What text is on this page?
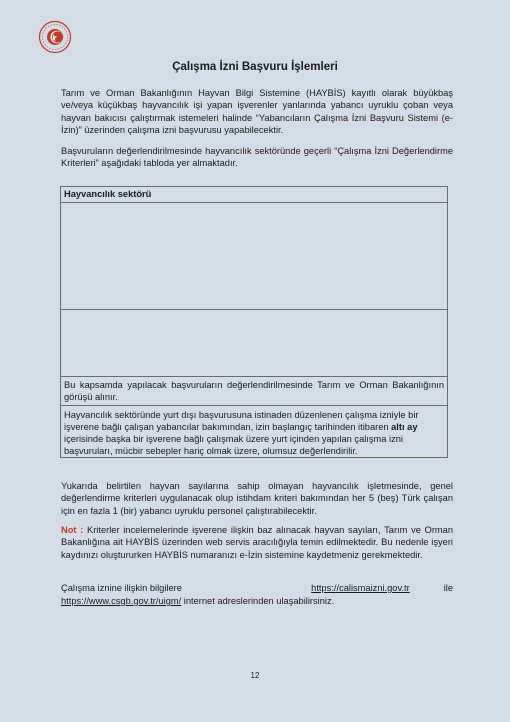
Çalışma İzni Başvuru İşlemleri
Tarım ve Orman Bakanlığının Hayvan Bilgi Sistemine (HAYBİS) kayıtlı olarak büyükbaş ve/veya küçükbaş hayvancılık işi yapan işverenler yanlarında yabancı uyruklu çoban veya hayvan bakıcısı çalıştırmak istemeleri halinde “Yabancıların Çalışma İzni Başvuru Sistemi (e-İzin)” üzerinden çalışma izni başvurusu yapabilecektir.
Başvuruların değerlendirilmesinde hayvancılık sektöründe geçerli “Çalışma İzni Değerlendirme Kriterleri” aşağıdaki tabloda yer almaktadır.
Hayvancılık sektörü
Bu kapsamda yapılacak başvuruların değerlendirilmesinde Tarım ve Orman Bakanlığının görüşü alınır.
Hayvancılık sektöründe yurt dışı başvurusuna istinaden düzenlenen çalışma izniyle bir işverene bağlı çalışan yabancılar bakımından, izin başlangıç tarihinden itibaren altı ay içerisinde başka bir işverene bağlı çalışmak üzere yurt içinden yapılan çalışma izni başvuruları, mücbir sebepler hariç olmak üzere, olumsuz değerlendirilir.
Yukarıda belirtilen hayvan sayılarına sahip olmayan hayvancılık işletmesinde, genel değerlendirme kriterleri uygulanacak olup istihdam kriteri bakımından her 5 (beş) Türk çalışan için en fazla 1 (bir) yabancı uyruklu personel çalıştırabilecektir.
Not : Kriterler incelemelerinde işverene ilişkin baz alınacak hayvan sayıları, Tarım ve Orman Bakanlığına ait HAYBİS üzerinden web servis aracılığıyla temin edilmektedir. Bu nedenle işyeri kaydınızı oluştururken HAYBİS numaranızı e-İzin sistemine kaydetmeniz gerekmektedir.
Çalışma iznine ilişkin bilgilere	https://calismaizni.gov.tr	ile
https://www.csgb.gov.tr/uigm/ internet adreslerinden ulaşabilirsiniz.
12
